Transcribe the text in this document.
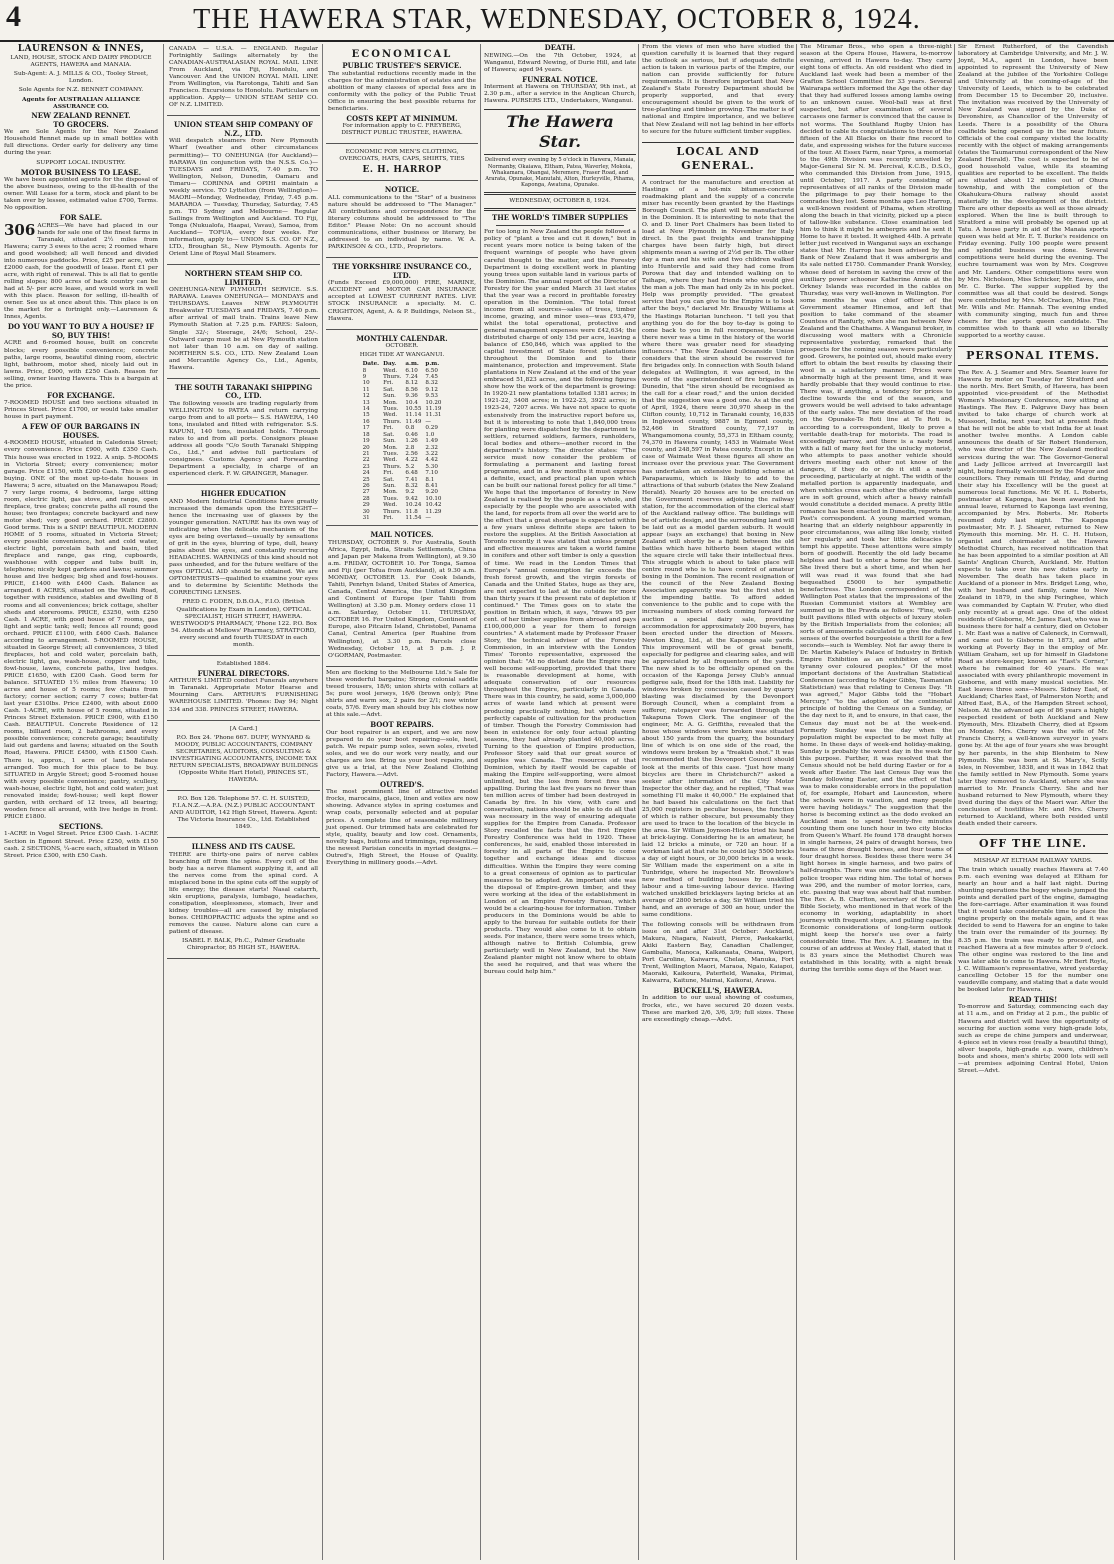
4	THE HAWERA STAR, WEDNESDAY, OCTOBER 8, 1924.
LAURENSON & INNES,

LAND, HOUSE, STOCK AND DAIRY PRODUCE AGENTS, HAWERA and MANAIA.

Sub-Agent: A. J. MILLS & CO., Tooley Street, London.

Sole Agents for N.Z. BENNET COMPANY.

Agents for AUSTRALIAN ALLIANCE ASSURANCE CO.

NEW ZEALAND RENNET.
TO GROCERS.

We are Sole Agents for the New Zealand Household Rennet made up in small bottles with full directions. Order early for delivery any time during the year.

SUPPORT LOCAL INDUSTRY.

MOTOR BUSINESS TO LEASE.

We have been appointed agents for the disposal of the above business, owing to the ill-health of the owner. Will Lease for a term, stock and plant to be taken over by lessee, estimated value £700, Terms. No opposition.

FOR SALE.

306 ACRES—We have had placed in our hands for sale one of the finest farms in Taranaki, situated 2½ miles from Hawera; carry 3 ewes to the acre; 2 roomed whare and good woolshed; all well fenced and divided into numerous paddocks. Price, £25 per acre, with £2000 cash, for the goodwill of lease. Rent £1 per acre, with right of renewal. This is all flat to gentle rolling slopes; 800 acres of back country can be had at 5/- per acre lease, and would work in well with this place. Reason for selling, ill-health of owner. See us at once about this. This place is on the market for a fortnight only.—Laurenson & Innes, Agents.

DO YOU WANT TO BUY A HOUSE? IF SO, BUY THIS!

ACRE and 6-roomed house, built on concrete blocks; every possible convenience; concrete paths, large rooms, beautiful dining room, electric light, bathroom, motor shed, nicely laid out in lawns. Price, £900, with £250 Cash. Reason for selling, owner leaving Hawera. This is a bargain at the price.

FOR EXCHANGE.

7-ROOMED HOUSE and two sections situated in Princes Street. Price £1700, or would take smaller house in part payment.

A FEW OF OUR BARGAINS IN HOUSES.

4-ROOMED HOUSE, situated in Caledonia Street; every convenience. Price £900, with £350 Cash. This house was erected in 1922. A snip. 5-ROOMS in Victoria Street; every convenience; motor garage. Price £1150, with £200 Cash. This is good buying. ONE of the most up-to-date houses in Hawera; 5 acre, situated on the Manawapou Road; 7 very large rooms, 4 bedrooms, large sitting room, electric light, gas stove, and range, open fireplace, tree grates; concrete paths all round the house; two frontages; concrete backyard and new motor shed; very good orchard. PRICE £2800. Good terms. This is a SNIP! BEAUTIFUL MODERN HOME of 5 rooms, situated in Victoria Street; every possible convenience, hot and cold water, electric light, porcelain bath and basin, tiled fireplace and range, gas ring, cupboards, washhouse with copper and tubs built in, telephone; nicely kept gardens and lawns; summer house and live hedges; big shed and fowl-houses. PRICE, £1400 with £400 Cash. Balance as arranged. 6 ACRES, situated on the Waihi Road, together with residence, stables and dwelling of 8 rooms and all conveniences; brick cottage, shelter sheds and storerooms. PRICE, £3250, with £250 Cash. 1 ACRE, with good house of 7 rooms, gas light and septic tank; well; fences all round; good orchard. PRICE £1100, with £400 Cash. Balance according to arrangement. 5-ROOMED HOUSE, situated in George Street; all conveniences, 3 tiled fireplaces, hot and cold water, porcelain bath, electric light, gas, wash-house, copper and tubs, fowl-house, lawns, concrete paths, live hedges. PRICE £1650, with £200 Cash. Good term for balance. SITUATED 1½ miles from Hawera; 10 acres and house of 5 rooms; few chains from factory; corner section; carry 7 cows; butter-fat last year £310lbs. Price £2400, with about £600 Cash. 1-ACRE, with house of 5 rooms, situated in Princes Street Extension. PRICE £900, with £150 Cash. BEAUTIFUL Concrete Residence of 12 rooms, billiard room, 2 bathrooms, and every possible convenience; concrete garage; beautifully laid out gardens and lawns; situated on the South Road, Hawera. PRICE £4500, with £1500 Cash. There is, approx., 1 acre of land. Balance arranged. Too much for this place to be buy. SITUATED in Argyle Street; good 5-roomed house with every possible convenience; pantry, scullery, wash-house, electric light, hot and cold water; just renovated inside; fowl-house; well kept flower garden, with orchard of 12 trees, all bearing; wooden fence all around, with live hedge in front. PRICE £1800.

SECTIONS.

1-ACRE in Vogel Street. Price £300 Cash. 1-ACRE Section in Egmont Street. Price £250, with £150 cash. 2 SECTIONS, ¼-acre each, situated in Wilson Street. Price £300, with £50 Cash.

CANADA — U.S.A. — ENGLAND. Regular Fortnightly Sailings alternately by the CANADIAN-AUSTRALASIAN ROYAL MAIL LINE From Auckland, via Fiji, Honolulu, and Vancouver. And the UNION ROYAL MAIL LINE From Wellington, via Rarotonga, Tahiti and San Francisco. Excursions to Honolulu. Particulars on application. Apply— UNION STEAM SHIP CO. OF N.Z. LIMITED.

UNION STEAM SHIP COMPANY OF N.Z., LTD.

Will despatch steamers from New Plymouth Wharf (weather and other circumstances permitting)— TO ONEHUNGA (for Auckland)— RARAWA (in conjunction with the N.S.S. Co.)— TUESDAYS and FRIDAYS, 7.40 p.m. TO Wellington, Nelson, Dunedin, Oamaru and Timaru— CORINNA and OPIHI maintain a weekly service. TO Lyttelton (from Wellington)— MAORI—Monday, Wednesday, Friday, 7.45 p.m. MARAROA — Tuesday, Thursday, Saturday, 7.45 p.m. TO Sydney and Melbourne— Regular Sailings from Wellington and Auckland. TO Fiji, Tonga (Nukualofa, Haapai, Vavau), Samoa, from Auckland— TOFUA, every four weeks. For information, apply to— UNION S.S. CO. OF N.Z., LTD., Broughan St., New Plymouth. Agents for Orient Line of Royal Mail Steamers.

NORTHERN STEAM SHIP CO. LIMITED.

ONEHUNGA-NEW PLYMOUTH SERVICE. S.S. RARAWA. Leaves ONEHUNGA— MONDAYS and THURSDAYS. Leaves NEW PLYMOUTH Breakwater TUESDAYS and FRIDAYS, 7.40 p.m. after arrival of mail train. Trains leave New Plymouth Station at 7.25 p.m. FARES: Saloon, Single 32/-; Steerage, 24/6; School, 25/-. Outward cargo must be at New Plymouth station not later than 10 a.m. on day of sailing. NORTHERN S.S. CO., LTD. New Zealand Loan and Mercantile Agency Co., Ltd., Agents, Hawera.

THE SOUTH TARANAKI SHIPPING CO., LTD.

The following vessels are trading regularly from WELLINGTON to PATEA and return carrying cargo from and to all ports— S.S. HAWERA, 140 tons, insulated and fitted with refrigerator. S.S. KAPUNI, 140 tons, insulated holds. Through rates to and from all ports. Consignors please address all goods "C/o South Taranaki Shipping Co., Ltd.," and advise full particulars of consignees. Customs Agency and Forwarding Department a specialty, in charge of an experienced clerk. F. W. GRAINGER, Manager.

HIGHER EDUCATION

AND Modern Industrial Conditions have greatly increased the demands upon the EYESIGHT—hence the increasing use of glasses by the younger generation. NATURE has its own way of indicating when the delicate mechanism of the eyes are being overtaxed—usually by sensations of grit in the eyes, blurring of type, dull, heavy pains about the eyes, and constantly recurring HEADACHES. WARNINGS of this kind should not pass unheeded, and for the future welfare of the eyes OPTICAL AID should be obtained. We are OPTOMETRISTS—qualified to examine your eyes and to determine by Scientific Methods the CORRECTING LENSES.

FRED C. FODEN, D.B.O.A., F.I.O. (British Qualifications by Exam in London), OPTICAL SPECIALIST, HIGH STREET, HAWERA. WESTWOOD'S PHARMACY, 'Phone 122. P.O. Box 54. Attends at Mellows' Pharmacy, STRATFORD, every second and fourth TUESDAY in each month.

Established 1884.

FUNERAL DIRECTORS.

ARTHUR'S LIMITED conduct Funerals anywhere in Taranaki. Appropriate Motor Hearse and Mourning Cars. ARTHUR'S FURNISHING WAREHOUSE LIMITED. 'Phones: Day 94; Night 334 and 338. PRINCES STREET, HAWERA.

[A Card.]

P.O. Box 24. 'Phone 667. DUFF, WYNYARD & MOODY, PUBLIC ACCOUNTANTS, COMPANY SECRETARIES, AUDITORS, CONSULTING & INVESTIGATING ACCOUNTANTS, INCOME TAX RETURN SPECIALISTS, BROADWAY BUILDINGS (Opposite White Hart Hotel), PRINCES ST., HAWERA.

P.O. Box 126. Telephone 57. C. H. SUISTED, F.I.A.N.Z.—A.P.A. (N.Z.) PUBLIC ACCOUNTANT AND AUDITOR, 142 High Street, Hawera. Agent: The Victoria Insurance Co., Ltd. Established 1849.

ILLNESS AND ITS CAUSE.

THERE are thirty-one pairs of nerve cables branching off from the spine. Every cell of the body has a nerve filament supplying it, and all the nerves come from the spinal cord. A misplaced bone in the spine cuts off the supply of life energy; the disease starts! Nasal catarrh, skin eruptions, paralysis, lumbago, headaches, constipation, sleeplessness, stomach, liver and kidney troubles—all are caused by misplaced bones. CHIROPRACTIC adjusts the spine and so removes the cause. Nature alone can cure a patient of disease.

ISABEL F. BALK, Ph.C., Palmer Graduate Chiropractor, 85 HIGH ST., HAWERA.

ECONOMICAL
PUBLIC TRUSTEE'S SERVICE.

The substantial reductions recently made in the charges for the administration of estates and the abolition of many classes of special fees are in conformity with the policy of the Public Trust Office in ensuring the best possible returns for beneficiaries.

COSTS KEPT AT MINIMUM.

For information apply to C. FREYBERG, DISTRICT PUBLIC TRUSTEE, HAWERA.

ECONOMIC FOR MEN'S CLOTHING, OVERCOATS, HATS, CAPS, SHIRTS, TIES

E. H. HARROP
NOTICE.

ALL communications to the "Star" of a business nature should be addressed to "The Manager." All contributions and correspondence for the literary columns should be addressed to "The Editor." Please Note: On no account should communications, either business or literary, be addressed to an individual by name. W. A. PARKINSON & CO., LTD., Proprietors.

THE YORKSHIRE INSURANCE CO., LTD.

(Funds Exceed £9,000,000) FIRE, MARINE, ACCIDENT and MOTOR CAR INSURANCE accepted at LOWEST CURRENT RATES. LIVE STOCK INSURANCE a specialty. M. C. CRIGHTON, Agent, A. & P. Buildings, Nelson St., Hawera.

MONTHLY CALENDAR.

OCTOBER.

HIGH TIDE AT WANGANUI.

Date.	Day.	a.m.	p.m.
8	Wed.	6.10	6.50
9	Thurs.	7.24	7.45
10	Fri.	8.12	8.32
11	Sat.	8.56	9.12
12	Sun.	9.36	9.53
13	Mon.	10.4	10.20
14	Tues.	10.55	11.19
15	Wed.	11.14	11.31
16	Thurs.	11.49	—
17	Fri.	0.8	0.29
18	Sat.	0.46	1.0
19	Sun.	1.26	1.49
20	Mon.	2.8	2.32
21	Tues.	2.56	3.22
22	Wed.	4.22	4.42
23	Thurs.	5.2	5.30
24	Fri.	6.48	7.10
25	Sat.	7.41	8.1
26	Sun.	8.32	8.41
27	Mon.	9.2	9.20
28	Tues.	9.42	10.10
29	Wed.	10.24	10.42
30	Thurs.	11.8	11.29
31	Fri.	11.54	—
MAIL NOTICES.

THURSDAY, OCTOBER 9. For Australia, South Africa, Egypt, India, Straits Settlements, China and Japan per Makena from Wellington), at 9.30 a.m. FRIDAY, OCTOBER 10. For Tonga, Samoa and Fiji (per Tofua from Auckland), at 9.30 a.m. MONDAY, OCTOBER 13. For Cook Islands, Tahiti, Penrhyn Island, United States of America, Canada, Central America, the United Kingdom and Continent of Europe (per Tahiti from Wellington) at 3.30 p.m. Money orders close 11 a.m. Saturday, October 11. THURSDAY, OCTOBER 16. For United Kingdom, Continent of Europe, also Pitcairn Island, Christobel, Panama Canal, Central America (per Ruahine from Wellington), at 3.30 p.m. Parcels close Wednesday, October 15, at 5 p.m. J. P. O'GORMAN, Postmaster.

Men are flocking to the Melbourne Ltd.'s Sale for these wonderful bargains; Strong colonial saddle tweed trousers, 18/6; union shirts with collars at 5s; pure wool jerseys, 16/6 (brown only); Pine shirts and warm sox, 2 pairs for 2/1; new winter coats, 57/6. Every man should buy his clothes now at this sale.—Advt.

BOOT REPAIRS.

Our boot repairer is an expert, and we are now prepared to do your boot repairing—sole, heel, patch. We repair pump soles, sewn soles, riveted soles, and we do our work very neatly, and our charges are low. Bring us your boot repairs, and give us a trial, at the New Zealand Clothing Factory, Hawera.—Advt.

OUTRED'S.

The most prominent line of attractive model frocks, marocains, glace, linen and voiles are now showing. Advance styles in spring costumes and wrap coats, personally selected and at popular prices. A complete line of seasonable millinery just opened. Our trimmed hats are celebrated for style, quality, beauty and low cost. Ornaments, novelty bags, buttons and trimmings, representing the newest Parisian conceits in myriad designs.—Outred's, High Street, the House of Quality. Everything in millinery goods.—Advt.

DEATH.

NEWING.—On the 7th October, 1924, at Wanganui, Edward Newing, of Durie Hill, and late of Hawera; aged 94 years.

FUNERAL NOTICE.

Interment at Hawera on THURSDAY, 9th inst., at 2.30 p.m., after a service in the Anglican Church, Hawera. PURSERS LTD., Undertakers, Wanganui.

The Hawera Star.

Delivered every evening by 5 o'clock in Hawera, Manaia, Normanby, Okaiawa, Eltham, Patea, Waverley, Mokoia, Whakamara, Ohangai, Meremere, Fraser Road, and Ararata, Opunake, Manutahi, Alton, Hurleyville, Pihama, Kaponga, Awatuna, Opunake.

WEDNESDAY, OCTOBER 8, 1924.

THE WORLD'S TIMBER SUPPLIES

For too long in New Zealand the people followed a policy of "plant a tree and cut it down," but in recent years more notice is being taken of the frequent warnings of people who have given careful thought to the matter, and the Forestry Department is doing excellent work in planting young trees upon suitable land in various parts of the Dominion. The annual report of the Director of Forestry for the year ended March 31 last states that the year was a record in profitable forestry operation in the Dominion. "The total forest income from all sources—sales of trees, timber income, grazing, and minor uses—was £93,479, whilst the total operational, protective and general management expenses were £42,634; the distributed charge of only 15d per acre, leaving a balance of £50,846, which was applied to the capital investment of State forest plantations throughout the Dominion and to their maintenance, protection and improvement. State plantations in New Zealand at the end of the year embraced 51,823 acres, and the following figures show how the work of the department is growing: In 1920-21 new plantations totalled 1381 acres; in 1921-22, 3408 acres; in 1922-23, 3922 acres; in 1923-24, 7207 acres. We have not space to quote extensively from the instructive report before us, but it is interesting to note that 1,840,000 trees for planting were dispatched by the department to settlers, returned soldiers, farmers, runholders, local bodies and others—another record in the department's history. The director states: "The service must now consider the problem of formulating a permanent and lasting forest programme, and in a few months it must express a definite, exact, and practical plan upon which can be built our national forest policy for all time." We hope that the importance of forestry in New Zealand is realised by the people as a whole, and especially by the people who are associated with the land, for reports from all over the world are to the effect that a great shortage is expected within a few years unless definite steps are taken to restore the supplies. At the British Association at Toronto recently it was stated that unless prompt and effective measures are taken a world famine in conifers and other soft timber is only a question of time. We read in the London Times that Europe's "annual consumption far exceeds the fresh forest growth, and the virgin forests of Canada and the United States, huge as they are, are not expected to last at the outside for more than thirty years if the present rate of depletion if continued." The Times goes on to state the position in Britain which, it says, "draws 95 per cent. of her timber supplies from abroad and pays £100,000,000 a year for them to foreign countries." A statement made by Professor Fraser Story, the technical adviser of the Forestry Commission, in an interview with the London Times' Toronto representative, expressed the opinion that: "At no distant date the Empire may well become self-supporting, provided that there is reasonable development at home, with adequate conservation of our resources throughout the Empire, particularly in Canada. There was in this country, he said, some 3,000,000 acres of waste land which at present were producing practically nothing, but which were perfectly capable of cultivation for the production of timber. Though the Forestry Commission had been in existence for only four actual planting seasons, they had already planted 40,000 acres. Turning to the question of Empire production, Professor Story said that our great source of supplies was Canada. The resources of that Dominion, which by itself would be capable of making the Empire self-supporting, were almost unlimited, but the loss from forest fires was appalling. During the last five years no fewer than ten million acres of timber had been destroyed in Canada by fire. In his view, with care and conservation, nations should be able to do all that was necessary in the way of ensuring adequate supplies for the Empire from Canada. Professor Story recalled the facts that the first Empire Forestry Conference was held in 1920. These conferences, he said, enabled those interested in forestry in all parts of the Empire to come together and exchange ideas and discuss difficulties. Within the Empire they were coming to a great consensus of opinion as to particular measures to be adopted. An important side was the disposal of Empire-grown timber, and they were working at the idea of the establishment in London of an Empire Forestry Bureau, which would be a clearing-house for information. Timber producers in the Dominions would be able to apply to the bureau for suitable outlets for their products. They would also come to it to obtain seeds. For instance, there were some trees which, although native to British Columbia, grew particularly well in New Zealand, but the New Zealand planter might not know where to obtain the seed he required, and that was where the bureau could help him."

From the views of men who have studied the question carefully it is learned that they regard the outlook as serious, but if adequate definite action is taken in various parts of the Empire, our nation can provide sufficiently for future requirements. It is therefore important that New Zealand's State Forestry Department should be properly supported, and that every encouragement should be given to the work of tree-planting and timber growing. The matter is of national and Empire importance, and we believe that New Zealand will not lag behind in her efforts to secure for the future sufficient timber supplies.

LOCAL AND GENERAL.

A contract for the manufacture and erection at Hastings of a hot-mix bitumen-concrete roadmaking plant and the supply of a concrete mixer has recently been granted by the Hastings Borough Council. The plant will be manufactured in the Dominion. It is interesting to note that the O. and D. liner Port Chalmers has been listed to load at New Plymouth in November for Italy direct. In the past freights and transhipping charges have been fairly high, but direct shipments mean a saving of 2½d per lb. The other day a man and his wife and two children walked into Huntervile and said they had come from Porowa that day and intended walking on to Taihape, where they had friends who would give the man a job. The man had only 2s in his pocket. Help was promptly provided. "The greatest service that you can give to the Empire is to look after the boys," declared Mr. Brausby Williams at the Hastings Rotarian luncheon. "I tell you that anything you do for the boy to-day is going to come back to you in full recompense, because there never was a time in the history of the world where there was greater need for steadying influences." The New Zealand Oceanside Union considers that the siren should be reserved for fire brigades only. In connection with South Island delegates at Wellington, it was agreed, in the words of the superintendent of fire brigades in Dunedin, that "the siren should be recognised as the call for a clear road," and the union decided that the suggestion was a good one. As at the end of April, 1924, there were 30,970 sheep in the Clifton county, 10,712 in Taranaki county, 16,835 in Inglewood county, 9887 in Egmont county, 52,466 in Stratford county, 77,197 in Whangamomona county, 55,373 in Eltham county, 74,370 in Hawera county, 1453 in Waimate West county, and 248,597 in Patea county. Except in the case of Waimate West these figures all show an increase over the previous year. The Government has undertaken an extensive building scheme at Paraparaumu, which is likely to add to the attractions of that suburb (states the New Zealand Herald). Nearly 20 houses are to be erected on the Government reserves adjoining the railway station, for the accommodation of the clerical staff of the Auckland railway office. The buildings will be of artistic design, and the surrounding land will be laid out as a model garden suburb. It would appear (says an exchange) that boxing in New Zealand will shortly be a fight between the old battles which have hitherto been staged within the square circle will take their intellectual fires. This struggle which is about to take place will centre round who is to have control of amateur boxing in the Dominion. The recent resignation of the council of the New Zealand Boxing Association apparently was but the first shot in the impending battle. To afford added convenience to the public and to cope with the increasing numbers of stock coming forward for auction a special dairy sale, providing accommodation for approximately 200 buyers, has been erected under the direction of Messrs. Newton King, Ltd., at the Kaponga sale yards. This improvement will be of great benefit, especially for pedigree and clearing sales, and will be appreciated by all frequenters of the yards. The new shed is to be officially opened on the occasion of the Kaponga Jersey Club's annual pedigree sale, fixed for the 18th inst. Liability for windows broken by concussion caused by quarry blasting was disclaimed by the Devonport Borough Council, when a complaint from a sufferer, ratepayer was forwarded through the Takapuna Town Clerk. The engineer of the engineer, Mr. A. G. Griffiths, revealed that the house whose windows were broken was situated about 150 yards from the quarry, the boundary line of which is on one side of the road, the windows were broken by a "freakish shot." It was recommended that the Devonport Council should look at the merits of this case. "Just how many bicycles are there in Christchurch?" asked a seeker after information of the City Motor Inspector the other day, and he replied, "That was something I'll make it 40,000." He explained that he had based his calculations on the fact that 25,000 registers in peculiar houses, the function of which is rather obscure, but presumably they are used to trace to the location of the bicycle in the area. Sir William Joynson-Hicks tried his hand at brick-laying. Considering he is an amateur, he laid 12 bricks a minute, or 720 an hour. If a workman laid at that rate he could lay 5500 bricks a day of eight hours, or 30,000 bricks in a week. Sir William made the experiment on a site in Tunbridge, where he inspected Mr. Brownlow's new method of building houses by unskilled labour and a time-saving labour device. Having watched unskilled bricklayers laying bricks at an average of 2800 bricks a day, Sir William tried his hand, and an average of 300 an hour, under the same conditions.

The following consols will be withdrawn from issue on and after 31st October: Auckland, Makura, Niagara, Naisutt, Pierce, Paekakariki, Akiki Eastern Bay, Canadian Challenger, Gambalia, Manoca, Kalkanaata, Onana, Waipori, Port Caroline, Kaiwarra, Chelan, Manuka, Fort Trent, Wellington Maori, Maraoa, Ngaio, Kaiapoi, Maoraki, Kaikoura, Paterfield, Wanaka, Pirimai, Kaiwarra, Kaitune, Maimai, Kaikorai, Arawa.

BUCKELL'S, HAWERA.

In addition to our usual showing of costumes, frocks, etc., we have secured 20 dozen vests. These are marked 2/6, 3/6, 3/9; full sizes. These are exceedingly cheap.—Advt.

The Miramar Bros., who open a three-night season at the Opera House, Hawera, to-morrow evening, arrived in Hawera to-day. They carry eight tons of effects. An old resident who died in Auckland last week had been a member of the Grafton School Committee for 33 years. Several Wairarapa settlers informed the Age the other day that they had suffered losses among lambs owing to an unknown cause. Wool-ball was at first suspected, but after examination of several carcases one farmer is convinced that the cause is not worms. The Southland Rugby Union has decided to cable its congratulations to three of the fifteen of the All Blacks on their fine record to date, and expressing wishes for the future success of the tour. At Essex Farm, near Ypres, a memorial to the 49th Division was recently unveiled by Major-General Sir N. M. Percival, K.C.B., D.S.O., who commanded this Division from June, 1915, until October, 1917. A party consisting of representatives of all ranks of the Division made the pilgrimage to pay their homage to the comrades they lost. Some months ago Leo Harrop, a well-known resident of Pihama, when strolling along the beach in that vicinity, picked up a piece of tallow-like substance. Close examination led him to think it might be ambergris and he sent it Home to have it tested. It weighed 44lb. A private letter just received in Wanganui says an exchange states that Mr. Harrop has been advised by the Bank of New Zealand that it was ambergris and its sale netted £1750. Commander Frank Worsley, whose deed of heroism in saving the crew of the auxiliary power schooner Katherine Annie at the Orkney Islands was recorded in the cables on Thursday, was very well-known in Wellington. For some months he was chief officer of the Government steamer Hinemoa, and left that position to take command of the steamer Countess of Ranfurly, when she ran between New Zealand and the Chathams. A Wanganui broker, in discussing wool matters with a Chronicle representative yesterday, remarked that the prospects for the coming season were particularly good. Growers, he pointed out, should make every effort to obtain the best results by classing their wool in a satisfactory manner. Prices were abnormally high at the present time, and it was hardly probable that they would continue to rise. There was, if anything, a tendency for prices to decline towards the end of the season, and growers would be well advised to take advantage of the early sales. The new deviation of the road on the Opunake-Te Roti line at Te Roti is, according to a correspondent, likely to prove a veritable death-trap for motorists. The road is exceedingly narrow, and there is a nasty bend with a fall of many feet for the unlucky motorist, who attempts to pass another vehicle should drivers meeting each other not know of the dangers, if they do or do it still a nasty proceeding, particularly at night. The width of the metalled portion is apparently inadequate, and when vehicles cross each other the offside wheels are in soft ground, which after a heavy rainfall would constitute a decided menace. A pretty little romance has been enacted in Dunedin, reports the Post's correspondent. A young married woman, hearing that an elderly neighbour apparently in poor circumstances, was ailing like lonely, visited her regularly and took her little delicacies to tempt his appetite. These attentions were simply born of goodwill. Recently the old lady became helpless and had to enter a home for the aged. She lived there but a short time, and when her will was read it was found that she had bequeathed £5000 to her sympathetic benefactress. The London correspondent of the Wellington Post states that the impressions of the Russian Communist visitors at Wembley are summed up in the Pravda as follows: "Fine, well-built pavilions filled with objects of luxury stolen by the British Imperialists from the colonies; all sorts of amusements calculated to give the dulled senses of the overfed bourgeoisie a thrill for a few seconds—such is Wembley. Not far away there is Dr. Martin Kabeley's Palace of Industry in British Empire Exhibition as an exhibition of white tyranny over coloured peoples." Of the most important decisions of the Australian Statistical Conference (according to Major Gibbs, Tasmanian Statistician) was that relating to Census Day. "It was agreed," Major Gibbs told the "Hobart Mercury," "to the adoption of the continental principle of holding the Census on a Sunday, or the day next to it, and to ensure, in that case, the Census day must not be at the week-end. Formerly Sunday was the day when the population might be expected to be most fully at home. In these days of week-end holiday-making, Sunday is probably the worst day in the week for this purpose. Further, it was resolved that the Census should not be held during Easter or for a week after Easter. The last Census Day was the Sunday following Easter, and the effect of that was to make considerable errors in the population of, for example, Hobart and Launceston, where the schools were in vacation, and many people were having holidays." The suggestion that the horse is becoming extinct as the dodo evoked an Auckland man to spend twenty-five minutes counting them one lunch hour in two city blocks from Queen's Wharf. He found 178 draught horses in single harness, 24 pairs of draught horses, two teams of three draught horses, and four teams of four draught horses. Besides these there were 34 light horses in single harness, and two pairs of half-draughts. There was one saddle-horse, and a police trooper was riding him. The total of horses was 296, and the number of motor lorries, cars, etc. passing that way was about half that number. The Rev. A. B. Charlton, secretary of the Sleigh Bible Society, who mentioned in that work of the economy in working, adaptability in short journeys with frequent stops, and pulling capacity. Economic considerations of long-term outlook might keep the horse's use over a fairly considerable time. The Rev. A. J. Seamer, in the course of an address at Wesley Hall, stated that it is 83 years since the Methodist Church was established in this locality, with a night break during the terrible some days of the Maori war.

Sir Ernest Rutherford, of the Cavendish laboratory at Cambridge University, and Mr. J. W. Joynt, M.A., agent in London, have been appointed to represent the University of New Zealand at the jubilee of the Yorkshire College and University at the coming-of-age of the University of Leeds, which is to be celebrated from December 15 to December 20, inclusive. The invitation was received by the University of New Zealand was signed by the Duke of Devonshire, as Chancellor of the University of Leeds. There is a possibility of the Ohura coalfields being opened up in the near future. Officials of the coal company visited the locality recently with the object of making arrangements (states the Taumarunui correspondent of the New Zealand Herald). The cost is expected to be of good household value, while its steaming qualities are reported to be excellent. The fields are situated about 12 miles out of Ohura township, and with the completion of the Okahukura-Ohura railway should assist materially in the development of the district. There are other deposits as well as those already explored. When the line is built through to Stratford a mine will probably be opened up at Tatu. A house party in aid of the Manaia sports queen was held at Mr. E. T. Burke's residence on Friday evening. Fully 100 people were present and splendid business was done. Several competitions were held during the evening. The euchre tournament was won by Mrs. Cosgrove and Mr. Landers. Other competitions were won by Mrs. Nicholson, Miss Schicker, Mr. Eaves, and Mr. C. Burke. The supper supplied by the committee was all that could be desired. Songs were contributed by Mrs. McCracken, Miss Fine, Mr. Wills and Mr. Hannah. The evening ended with community singing, much fun and three cheers for the sports queen candidate. The committee wish to thank all who so liberally supported to a worthy cause.

PERSONAL ITEMS.

The Rev. A. J. Seamer and Mrs. Seamer leave for Hawera by motor on Tuesday for Stratford and the north. Mrs. Bert Smith, of Hawera, has been appointed vice-president of the Methodist Women's Missionary Conference, now sitting at Hastings. The Rev. E. Palgrave Davy has been invited to take charge of church work at Mussoori, India, next year, but at present finds that he will not be able to visit India for at least another twelve months. A London cable announces the death of Sir Robert Henderson, who was director of the New Zealand medical services during the war. The Governor-General and Lady Jellicoe arrived at Invercargill last night, being formally welcomed by the Mayor and councillors. They remain till Friday, and during their stay his Excellency will be the guest at numerous local functions. Mr. W. H. L. Roberts, postmaster at Kaponga, has been awarded his annual leave, returned to Kaponga last evening, accompanied by Mrs. Roberts. Mr. Roberts resumed duty last night. The Kaponga postmaster, Mr. F. J. Shearer, returned to New Plymouth this morning. Mr. H. C. H. Hutson, organist and choirmaster at the Hawera Methodist Church, has received notification that he has been appointed to a similar position at All Saints' Anglican Church, Auckland. Mr. Hutton expects to take over his new duties early in November. The death has taken place in Auckland of a pioneer in Mrs. Bridget Long, who, with her husband and family, came to New Zealand in 1879, in the ship Feringhee, which was commanded by Captain W. Fruter, who died only recently at a great age. One of the oldest residents of Gisborne, Mr. James East, who was in business there for half a century, died on October 1. Mr. East was a native of Caleneck, in Cornwall, and came out to Gisborne in 1873, and after working at Poverty Bay in the employ of Mr. William Graham, set up for himself in Gladstone Road as store-keeper, known as "East's Corner," where he remained for 40 years. He was associated with every philanthropic movement in Gisborne, and with many musical societies. Mr. East leaves three sons—Messrs. Sidney East, of Auckland; Charles East, of Palmerston North; and Alfred East, B.A., of the Hampden Street school, Nelson. At the advanced age of 86 years a highly respected resident of both Auckland and New Plymouth, Mrs. Elizabeth Cherry, died at Epsom on Monday. Mrs. Cherry was the wife of Mr. Francis Cherry, a well-known surveyor in years gone by. At the age of four years she was brought by her parents, in the ship Blenheim to New Plymouth. She was born at St. Mary's, Scilly Isles, in November, 1838, and it was in 1842 that the family settled in New Plymouth. Some years later they removed to Auckland, where she was married to Mr. Francis Cherry. She and her husband returned to New Plymouth, where they lived during the days of the Maori war. After the conclusion of hostilities Mr. and Mrs. Cherry returned to Auckland, where both resided until death ended their careers.

OFF THE LINE.

MISHAP AT ELTHAM RAILWAY YARDS.

The train which usually reaches Hawera at 7.40 p.m. each evening was delayed at Eltham for nearly an hour and a half last night. During shunting operations the bogey wheels jumped the points and derailed part of the engine, damaging the fore-carriage. After examination it was found that it would take considerable time to place the engine properly on the metals again, and it was decided to send to Hawera for an engine to take the train over the remainder of its journey. By 8.35 p.m. the train was ready to proceed, and reached Hawera at a few minutes after 9 o'clock. The other engine was restored to the line and was later able to come to Hawera. Mr Bert Royle, J. C. Williamson's representative, wired yesterday cancelling October 15 for the number one vaudeville company, and stating that a date would be booked later for Hawera.

READ THIS!

To-morrow and Saturday, commencing each day at 11 a.m., and on Friday at 2 p.m., the public of Hawera and district will have the opportunity of securing for auction some very high-grade lots, such as crepe de chine jumpers and underwear, 4-piece set in views rose (really a beautiful thing), silver teapots, high-grade e.p. ware, children's boots and shoes, men's shirts; 2000 lots will sell—at premises adjoining Central Hotel, Union Street.—Advt.
